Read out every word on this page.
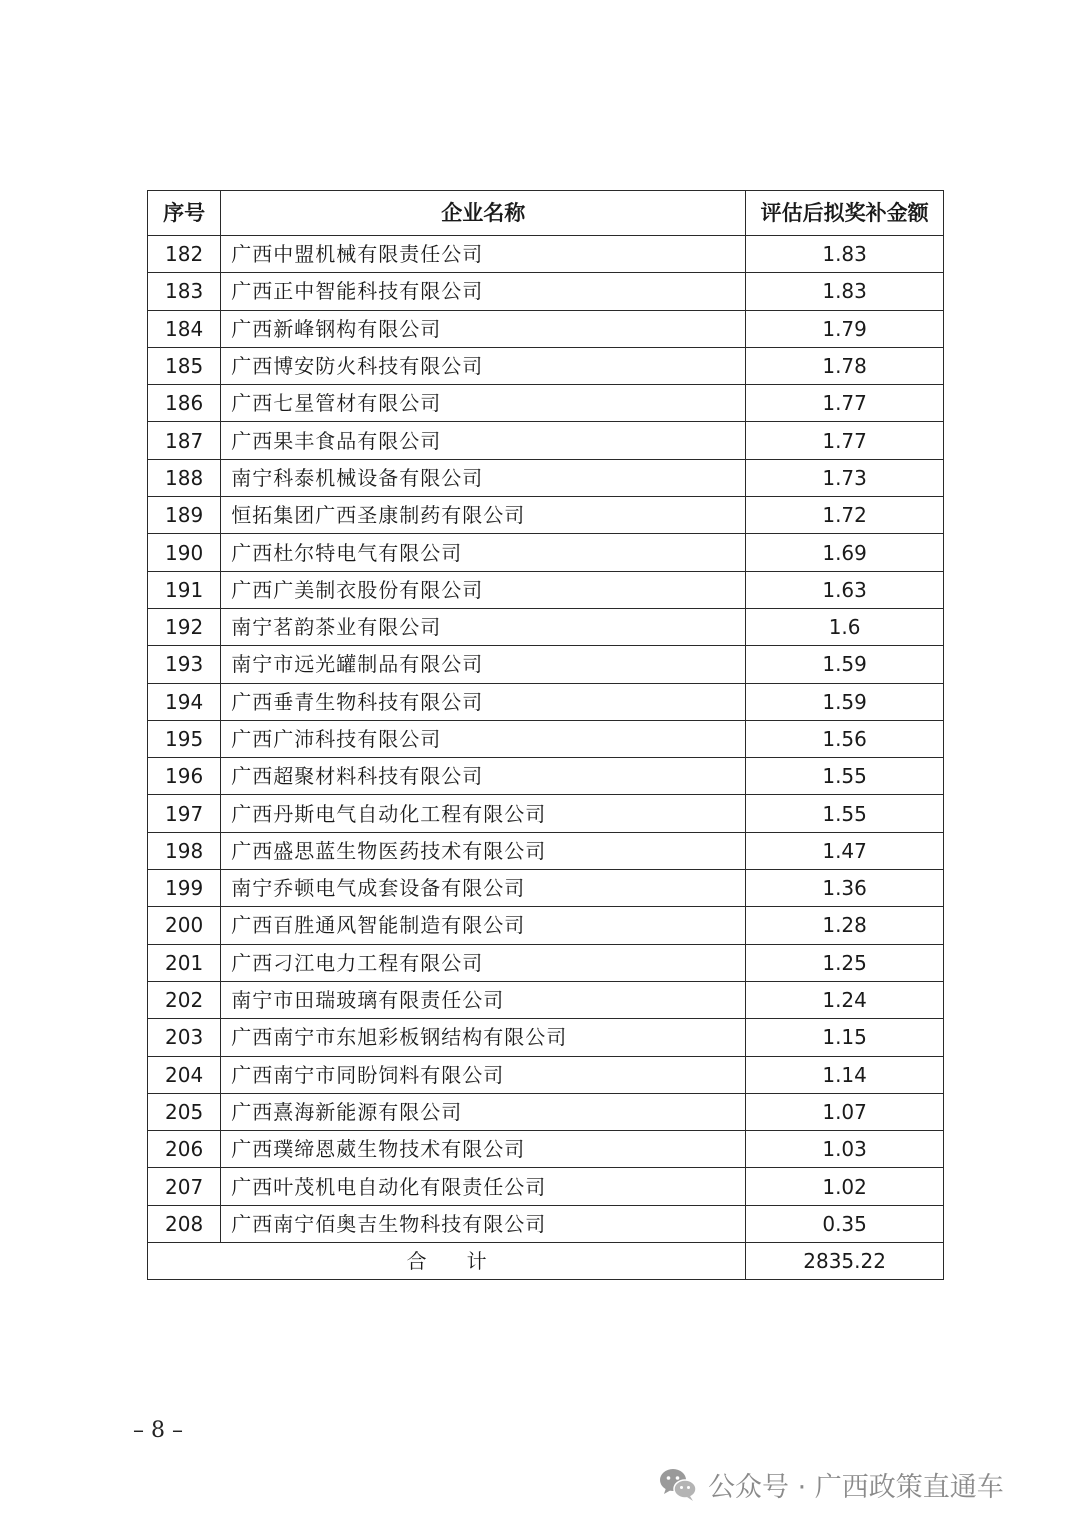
序号	企业名称	评估后拟奖补金额
182	广西中盟机械有限责任公司	1.83
183	广西正中智能科技有限公司	1.83
184	广西新峰钢构有限公司	1.79
185	广西博安防火科技有限公司	1.78
186	广西七星管材有限公司	1.77
187	广西果丰食品有限公司	1.77
188	南宁科泰机械设备有限公司	1.73
189	恒拓集团广西圣康制药有限公司	1.72
190	广西杜尔特电气有限公司	1.69
191	广西广美制衣股份有限公司	1.63
192	南宁茗韵茶业有限公司	1.6
193	南宁市远光罐制品有限公司	1.59
194	广西垂青生物科技有限公司	1.59
195	广西广沛科技有限公司	1.56
196	广西超聚材料科技有限公司	1.55
197	广西丹斯电气自动化工程有限公司	1.55
198	广西盛思蓝生物医药技术有限公司	1.47
199	南宁乔顿电气成套设备有限公司	1.36
200	广西百胜通风智能制造有限公司	1.28
201	广西刁江电力工程有限公司	1.25
202	南宁市田瑞玻璃有限责任公司	1.24
203	广西南宁市东旭彩板钢结构有限公司	1.15
204	广西南宁市同盼饲料有限公司	1.14
205	广西熹海新能源有限公司	1.07
206	广西璞缔恩葳生物技术有限公司	1.03
207	广西叶茂机电自动化有限责任公司	1.02
208	广西南宁佰奥吉生物科技有限公司	0.35
合计		2835.22
– 8 –
公众号 · 广西政策直通车
